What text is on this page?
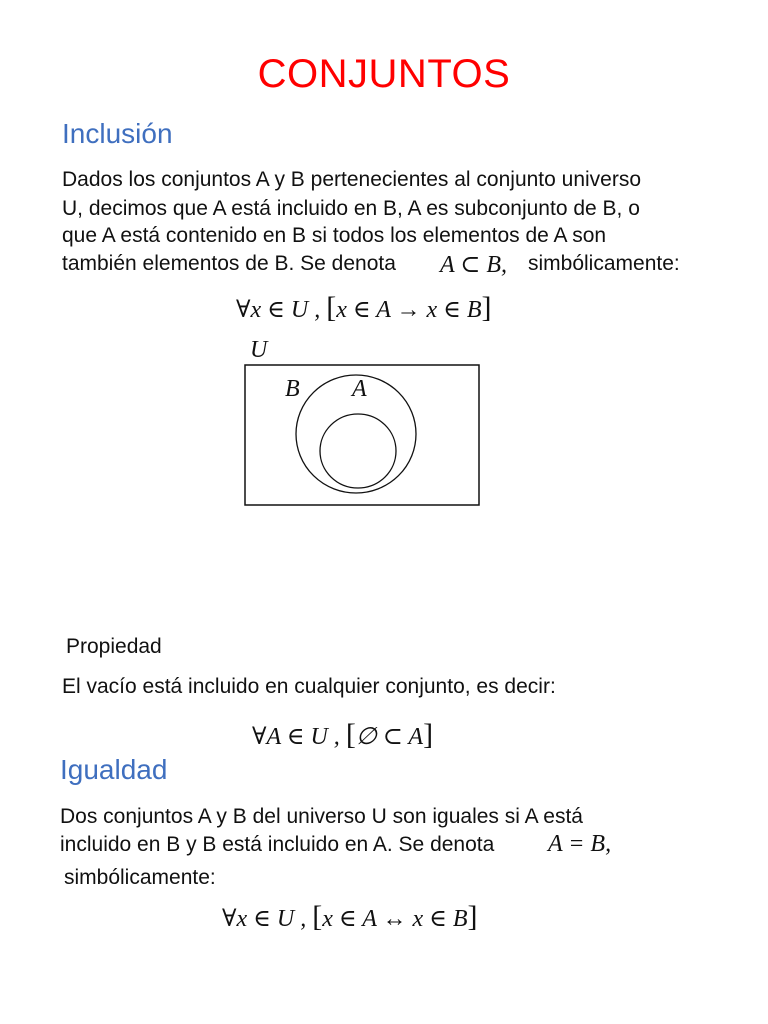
CONJUNTOS
Inclusión
Dados los conjuntos A y B pertenecientes al conjunto universo
U, decimos que A está incluido en B, A es subconjunto de B, o
que A está contenido en B si todos los elementos de A son
también elementos de B. Se denota A ⊂ B, simbólicamente:
∀x ∈ U , [x ∈ A → x ∈ B]
U
B A
Propiedad
El vacío está incluido en cualquier conjunto, es decir:
∀A ∈ U , [∅ ⊂ A]
Igualdad
Dos conjuntos A y B del universo U son iguales si A está
incluido en B y B está incluido en A. Se denota A = B,
simbólicamente:
∀x ∈ U , [x ∈ A ↔ x ∈ B]
